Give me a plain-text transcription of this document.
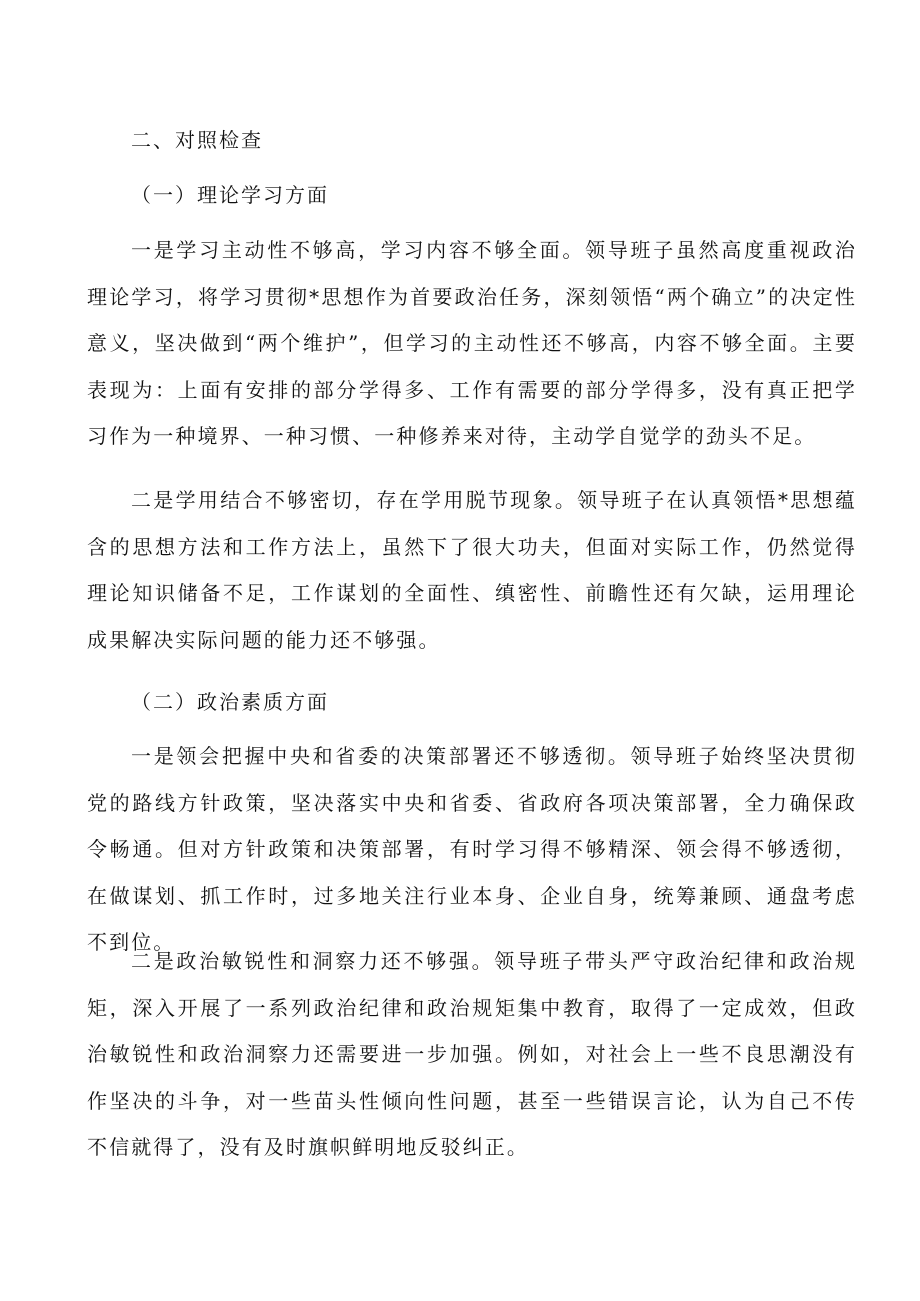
二、对照检查
（一）理论学习方面

一是学习主动性不够高，学习内容不够全面。领导班子虽然高度重视政治理论学习，将学习贯彻*思想作为首要政治任务，深刻领悟“两个确立”的决定性意义，坚决做到“两个维护”，但学习的主动性还不够高，内容不够全面。主要表现为：上面有安排的部分学得多、工作有需要的部分学得多，没有真正把学习作为一种境界、一种习惯、一种修养来对待，主动学自觉学的劲头不足。

二是学用结合不够密切，存在学用脱节现象。领导班子在认真领悟*思想蕴含的思想方法和工作方法上，虽然下了很大功夫，但面对实际工作，仍然觉得理论知识储备不足，工作谋划的全面性、缜密性、前瞻性还有欠缺，运用理论成果解决实际问题的能力还不够强。

（二）政治素质方面

一是领会把握中央和省委的决策部署还不够透彻。领导班子始终坚决贯彻党的路线方针政策，坚决落实中央和省委、省政府各项决策部署，全力确保政令畅通。但对方针政策和决策部署，有时学习得不够精深、领会得不够透彻，在做谋划、抓工作时，过多地关注行业本身、企业自身，统筹兼顾、通盘考虑不到位。

二是政治敏锐性和洞察力还不够强。领导班子带头严守政治纪律和政治规矩，深入开展了一系列政治纪律和政治规矩集中教育，取得了一定成效，但政治敏锐性和政治洞察力还需要进一步加强。例如，对社会上一些不良思潮没有作坚决的斗争，对一些苗头性倾向性问题，甚至一些错误言论，认为自己不传不信就得了，没有及时旗帜鲜明地反驳纠正。
